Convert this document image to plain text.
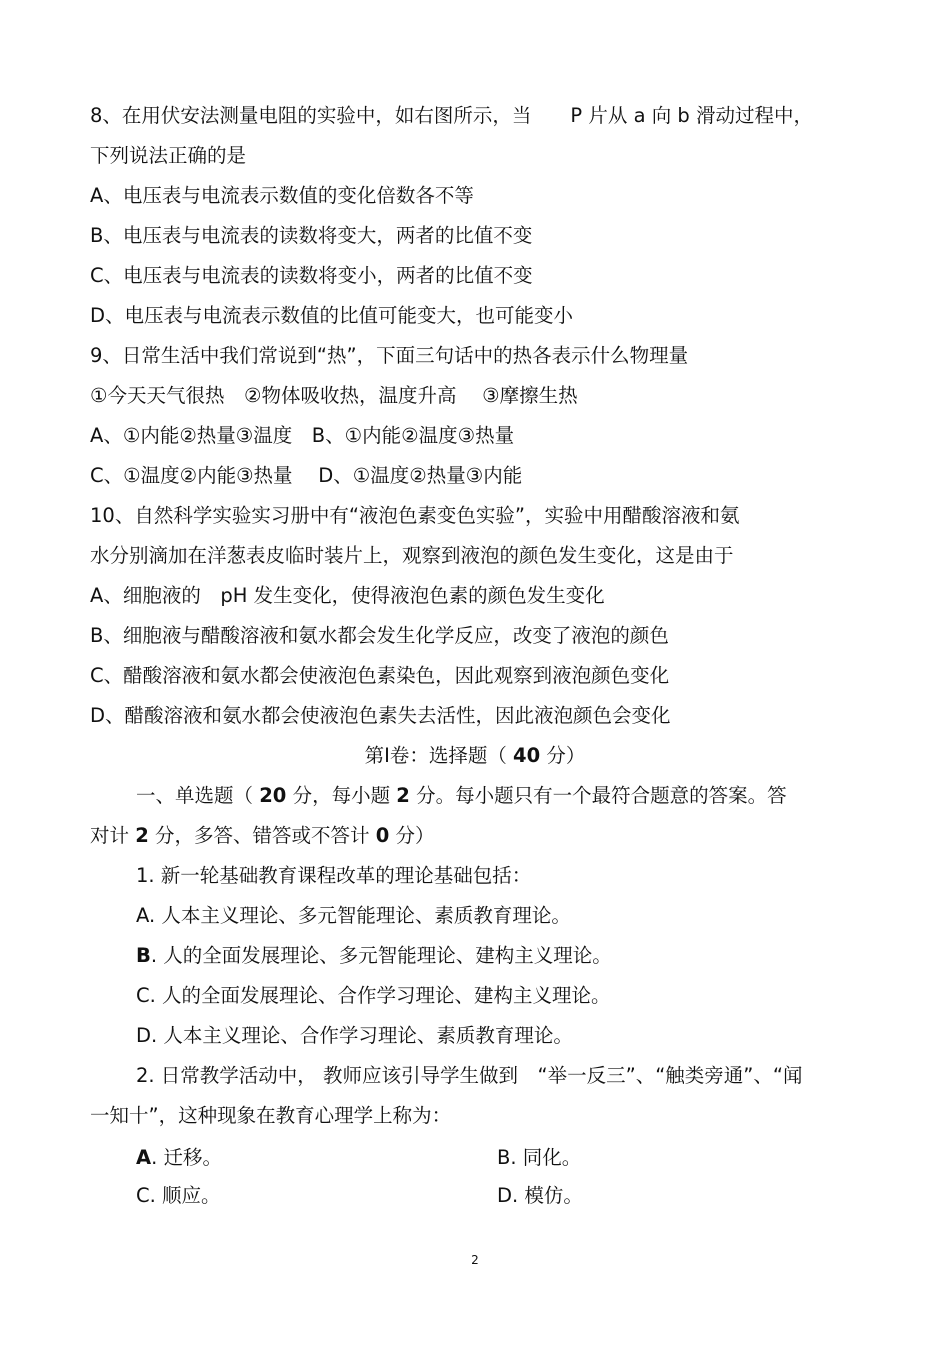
8、在用伏安法测量电阻的实验中，如右图所示，当　　P 片从 a 向 b 滑动过程中，
下列说法正确的是
A、电压表与电流表示数值的变化倍数各不等
B、电压表与电流表的读数将变大，两者的比值不变
C、电压表与电流表的读数将变小，两者的比值不变
D、电压表与电流表示数值的比值可能变大，也可能变小
9、日常生活中我们常说到“热”，下面三句话中的热各表示什么物理量
①今天天气很热　②物体吸收热，温度升高　 ③摩擦生热
A、①内能②热量③温度　B、①内能②温度③热量
C、①温度②内能③热量　 D、①温度②热量③内能
10、自然科学实验实习册中有“液泡色素变色实验”，实验中用醋酸溶液和氨
水分别滴加在洋葱表皮临时装片上，观察到液泡的颜色发生变化，这是由于
A、细胞液的　pH 发生变化，使得液泡色素的颜色发生变化
B、细胞液与醋酸溶液和氨水都会发生化学反应，改变了液泡的颜色
C、醋酸溶液和氨水都会使液泡色素染色，因此观察到液泡颜色变化
D、醋酸溶液和氨水都会使液泡色素失去活性，因此液泡颜色会变化
第Ⅰ卷：选择题（ 40 分）
一、单选题（ 20 分，每小题 2 分。每小题只有一个最符合题意的答案。答
对计 2 分，多答、错答或不答计 0 分）
1. 新一轮基础教育课程改革的理论基础包括：
A. 人本主义理论、多元智能理论、素质教育理论。
B. 人的全面发展理论、多元智能理论、建构主义理论。
C. 人的全面发展理论、合作学习理论、建构主义理论。
D. 人本主义理论、合作学习理论、素质教育理论。
2. 日常教学活动中， 教师应该引导学生做到　“举一反三”、“触类旁通”、“闻
一知十”，这种现象在教育心理学上称为：
A. 迁移。	B. 同化。
C. 顺应。	D. 模仿。
2
